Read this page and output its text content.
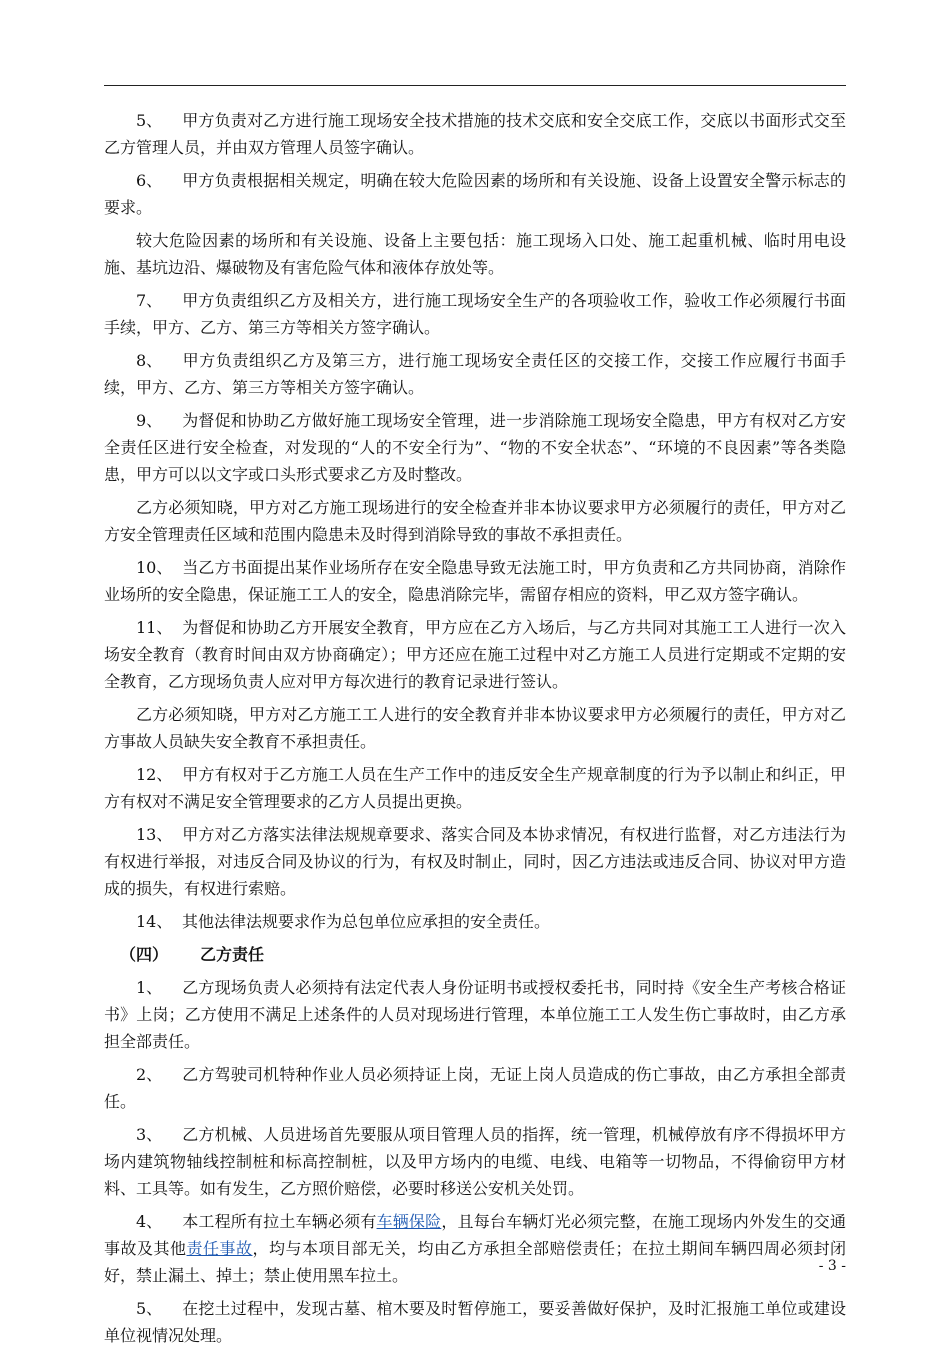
5、 甲方负责对乙方进行施工现场安全技术措施的技术交底和安全交底工作，交底以书面形式交至乙方管理人员，并由双方管理人员签字确认。

6、 甲方负责根据相关规定，明确在较大危险因素的场所和有关设施、设备上设置安全警示标志的要求。

较大危险因素的场所和有关设施、设备上主要包括：施工现场入口处、施工起重机械、临时用电设施、基坑边沿、爆破物及有害危险气体和液体存放处等。

7、 甲方负责组织乙方及相关方，进行施工现场安全生产的各项验收工作，验收工作必须履行书面手续，甲方、乙方、第三方等相关方签字确认。

8、 甲方负责组织乙方及第三方，进行施工现场安全责任区的交接工作，交接工作应履行书面手续，甲方、乙方、第三方等相关方签字确认。

9、 为督促和协助乙方做好施工现场安全管理，进一步消除施工现场安全隐患，甲方有权对乙方安全责任区进行安全检查，对发现的“人的不安全行为”、“物的不安全状态”、“环境的不良因素”等各类隐患，甲方可以以文字或口头形式要求乙方及时整改。

乙方必须知晓，甲方对乙方施工现场进行的安全检查并非本协议要求甲方必须履行的责任，甲方对乙方安全管理责任区域和范围内隐患未及时得到消除导致的事故不承担责任。

10、 当乙方书面提出某作业场所存在安全隐患导致无法施工时，甲方负责和乙方共同协商，消除作业场所的安全隐患，保证施工工人的安全，隐患消除完毕，需留存相应的资料，甲乙双方签字确认。

11、 为督促和协助乙方开展安全教育，甲方应在乙方入场后，与乙方共同对其施工工人进行一次入场安全教育（教育时间由双方协商确定）；甲方还应在施工过程中对乙方施工人员进行定期或不定期的安全教育，乙方现场负责人应对甲方每次进行的教育记录进行签认。

乙方必须知晓，甲方对乙方施工工人进行的安全教育并非本协议要求甲方必须履行的责任，甲方对乙方事故人员缺失安全教育不承担责任。

12、 甲方有权对于乙方施工人员在生产工作中的违反安全生产规章制度的行为予以制止和纠正，甲方有权对不满足安全管理要求的乙方人员提出更换。

13、 甲方对乙方落实法律法规规章要求、落实合同及本协求情况，有权进行监督，对乙方违法行为有权进行举报，对违反合同及协议的行为，有权及时制止，同时，因乙方违法或违反合同、协议对甲方造成的损失，有权进行索赔。

14、 其他法律法规要求作为总包单位应承担的安全责任。

（四） 乙方责任

1、 乙方现场负责人必须持有法定代表人身份证明书或授权委托书，同时持《安全生产考核合格证书》上岗；乙方使用不满足上述条件的人员对现场进行管理，本单位施工工人发生伤亡事故时，由乙方承担全部责任。

2、 乙方驾驶司机特种作业人员必须持证上岗，无证上岗人员造成的伤亡事故，由乙方承担全部责任。

3、 乙方机械、人员进场首先要服从项目管理人员的指挥，统一管理，机械停放有序不得损坏甲方场内建筑物轴线控制桩和标高控制桩，以及甲方场内的电缆、电线、电箱等一切物品，不得偷窃甲方材料、工具等。如有发生，乙方照价赔偿，必要时移送公安机关处罚。

4、 本工程所有拉土车辆必须有车辆保险，且每台车辆灯光必须完整，在施工现场内外发生的交通事故及其他责任事故，均与本项目部无关，均由乙方承担全部赔偿责任；在拉土期间车辆四周必须封闭好，禁止漏土、掉土；禁止使用黑车拉土。

5、 在挖土过程中，发现古墓、棺木要及时暂停施工，要妥善做好保护，及时汇报施工单位或建设单位视情况处理。

- 3 -
